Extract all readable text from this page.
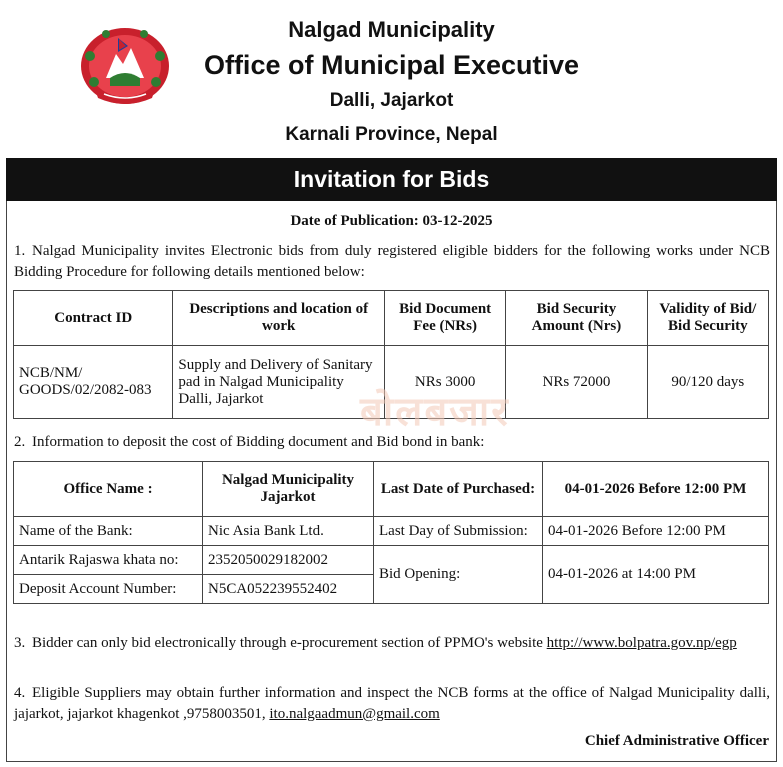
Nalgad Municipality
Office of Municipal Executive
Dalli, Jajarkot
Karnali Province, Nepal
Invitation for Bids
Date of Publication: 03-12-2025
1. Nalgad Municipality invites Electronic bids from duly registered eligible bidders for the following works under NCB Bidding Procedure for following details mentioned below:
Contract ID	Descriptions and location of work	Bid Document Fee (NRs)	Bid Security Amount (Nrs)	Validity of Bid/ Bid Security
NCB/NM/ GOODS/02/2082-083	Supply and Delivery of Sanitary pad in Nalgad Municipality Dalli, Jajarkot	NRs 3000	NRs 72000	90/120 days
बोलबजार
2. Information to deposit the cost of Bidding document and Bid bond in bank:
Office Name :	Nalgad Municipality Jajarkot	Last Date of Purchased:	04-01-2026 Before 12:00 PM
Name of the Bank:	Nic Asia Bank Ltd.	Last Day of Submission:	04-01-2026 Before 12:00 PM
Antarik Rajaswa khata no:	2352050029182002	Bid Opening:	04-01-2026 at 14:00 PM
Deposit Account Number:	N5CA052239552402		
3. Bidder can only bid electronically through e-procurement section of PPMO's website http://www.bolpatra.gov.np/egp
4. Eligible Suppliers may obtain further information and inspect the NCB forms at the office of Nalgad Municipality dalli, jajarkot, jajarkot khagenkot ,9758003501, ito.nalgaadmun@gmail.com
Chief Administrative Officer
